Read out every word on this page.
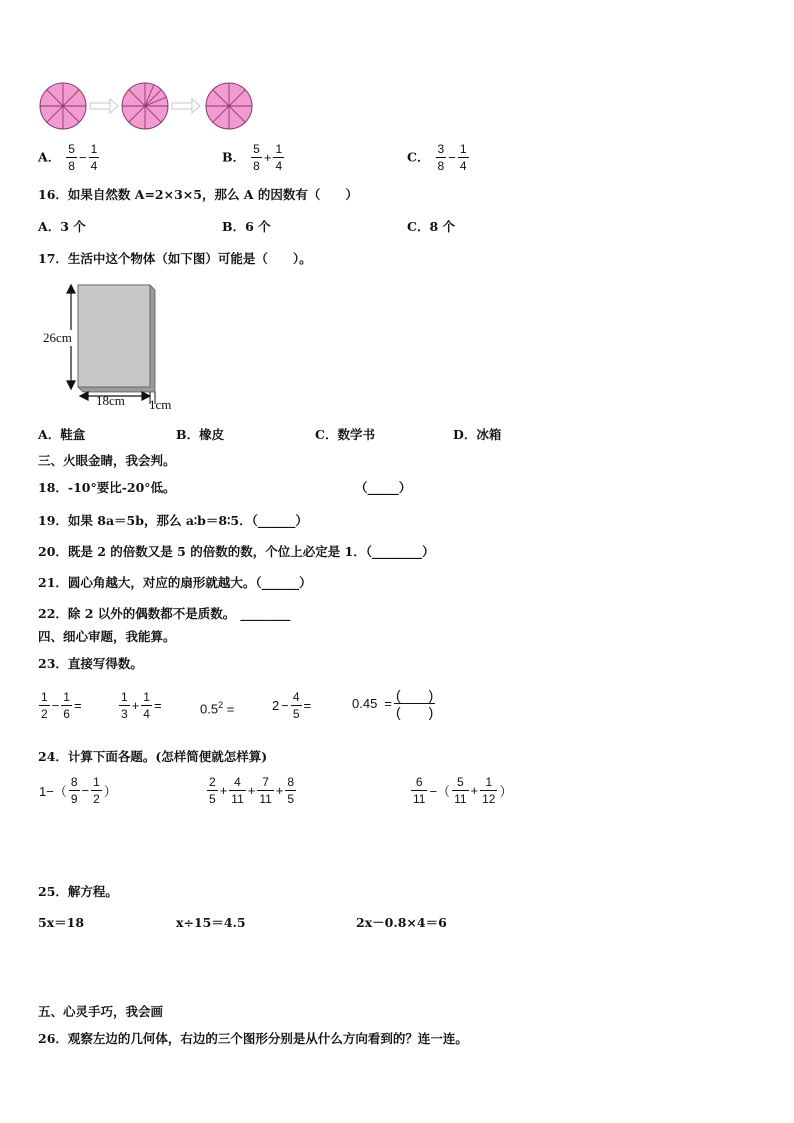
A． $\frac{5}{8} - \frac{1}{4}$	B． $\frac{5}{8} + \frac{1}{4}$	C． $\frac{3}{8} - \frac{1}{4}$
16．如果自然数 A=2×3×5，那么 A 的因数有（　　）
A．3 个	B．6 个	C．8 个
17．生活中这个物体（如下图）可能是（　　）。
26cm
18cm 1cm
A．鞋盒	B．橡皮	C．数学书	D．冰箱
三、火眼金睛，我会判。
18．-10°要比-20°低。	（_____）
19．如果 8a＝5b，那么 a∶b＝8∶5．（______）
20．既是 2 的倍数又是 5 的倍数的数，个位上必定是 1．（________）
21．圆心角越大，对应的扇形就越大。（______）
22．除 2 以外的偶数都不是质数。 ________
四、细心审题，我能算。
23．直接写得数。
$\frac{1}{2} - \frac{1}{6}$ =	$\frac{1}{3} + \frac{1}{4}$ =	$0.5^2$ =	$2 - \frac{4}{5}$ =	$0.45 = \frac{( )}{( )}$
24．计算下面各题。(怎样简便就怎样算)
$1-( \frac{8}{9} - \frac{1}{2}$ ）	$\frac{2}{5} + \frac{4}{11} + \frac{7}{11} + \frac{8}{5}$	$\frac{6}{11}$ −（ $\frac{5}{11} + \frac{1}{12}$ ）
25．解方程。
5x＝18	x÷15＝4.5	2x－0.8×4＝6
五、心灵手巧，我会画
26．观察左边的几何体，右边的三个图形分别是从什么方向看到的？连一连。
